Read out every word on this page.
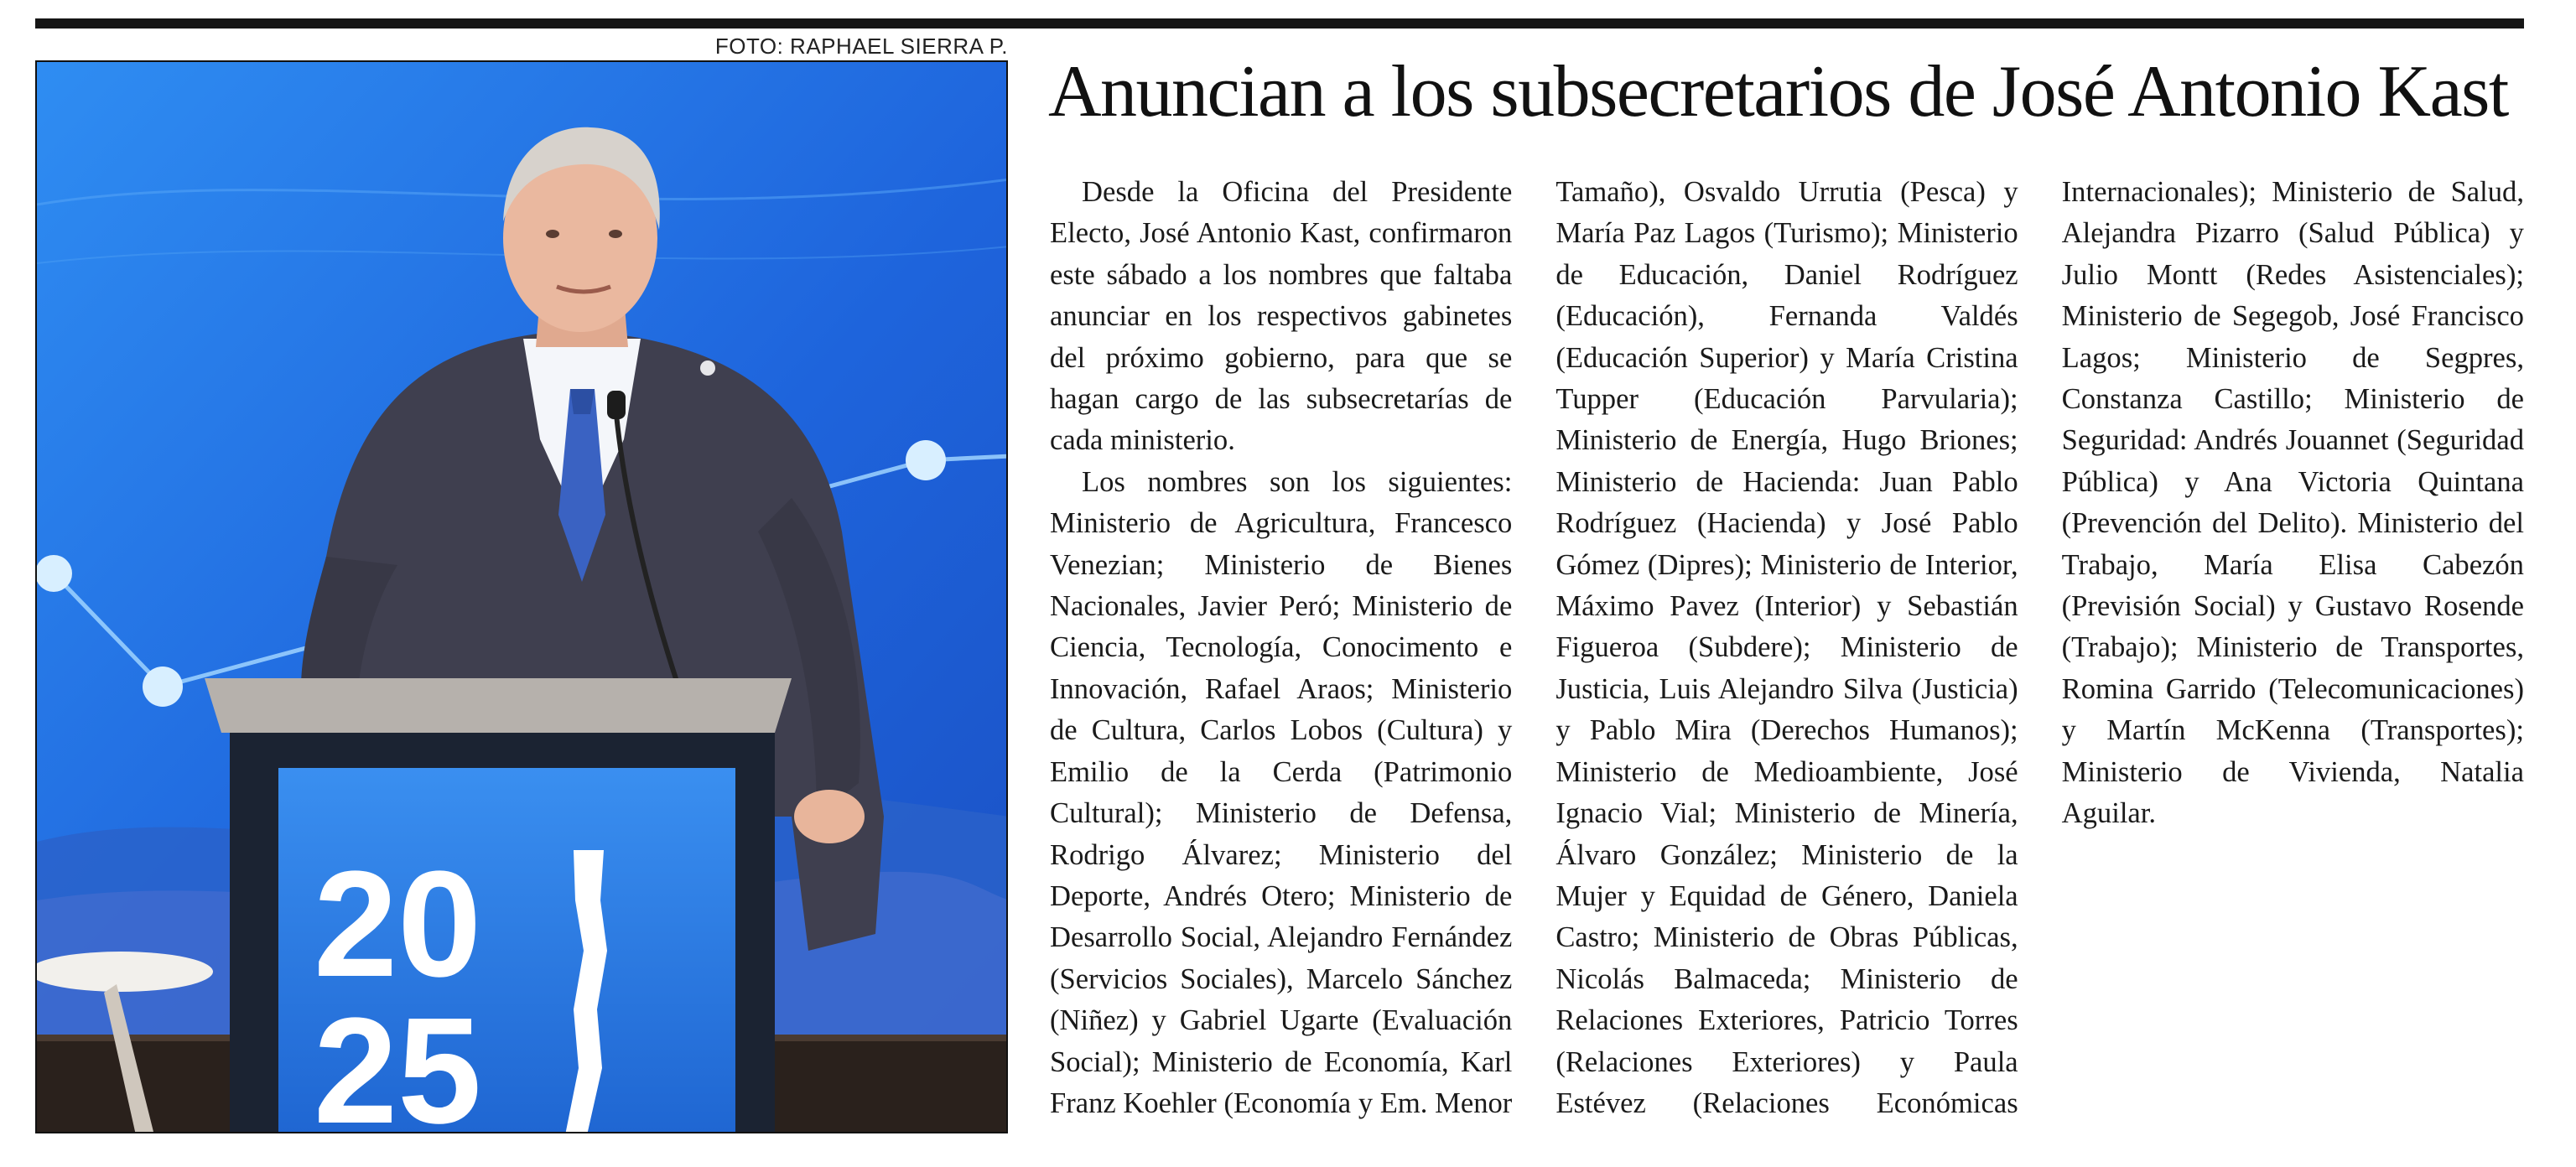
FOTO: RAPHAEL SIERRA P.
20
25
Anuncian a los subsecretarios de José Antonio Kast

Desde la Oficina del Presidente Electo, José Antonio Kast, confirmaron este sábado a los nombres que faltaba anunciar en los respectivos gabinetes del próximo gobierno, para que se hagan cargo de las subsecretarías de cada ministerio.

Los nombres son los siguientes: Ministerio de Agricultura, Francesco Venezian; Ministerio de Bienes Nacionales, Javier Peró; Ministerio de Ciencia, Tecnología, Conocimento e Innovación, Rafael Araos; Ministerio de Cultura, Carlos Lobos (Cultura) y Emilio de la Cerda (Patrimonio Cultural); Ministerio de Defensa, Rodrigo Álvarez; Ministerio del Deporte, Andrés Otero; Ministerio de Desarrollo Social, Alejandro Fernández (Servicios Sociales), Marcelo Sánchez (Niñez) y Gabriel Ugarte (Evaluación Social); Ministerio de Economía, Karl Franz Koehler (Economía y Em. Menor Tamaño), Osvaldo Urrutia (Pesca) y María Paz Lagos (Turismo); Ministerio de Educación, Daniel Rodríguez (Educación), Fernanda Valdés (Educación Superior) y María Cristina Tupper (Educación Parvularia); Ministerio de Energía, Hugo Briones; Ministerio de Hacienda: Juan Pablo Rodríguez (Hacienda) y José Pablo Gómez (Dipres); Ministerio de Interior, Máximo Pavez (Interior) y Sebastián Figueroa (Subdere); Ministerio de Justicia, Luis Alejandro Silva (Justicia) y Pablo Mira (Derechos Humanos); Ministerio de Medioambiente, José Ignacio Vial; Ministerio de Minería, Álvaro González; Ministerio de la Mujer y Equidad de Género, Daniela Castro; Ministerio de Obras Públicas, Nicolás Balmaceda; Ministerio de Relaciones Exteriores, Patricio Torres (Relaciones Exteriores) y Paula Estévez (Relaciones Económicas Internacionales); Ministerio de Salud, Alejandra Pizarro (Salud Pública) y Julio Montt (Redes Asistenciales); Ministerio de Segegob, José Francisco Lagos; Ministerio de Segpres, Constanza Castillo; Ministerio de Seguridad: Andrés Jouannet (Seguridad Pública) y Ana Victoria Quintana (Prevención del Delito). Ministerio del Trabajo, María Elisa Cabezón (Previsión Social) y Gustavo Rosende (Trabajo); Ministerio de Transportes, Romina Garrido (Telecomunicaciones) y Martín McKenna (Transportes); Ministerio de Vivienda, Natalia Aguilar.
